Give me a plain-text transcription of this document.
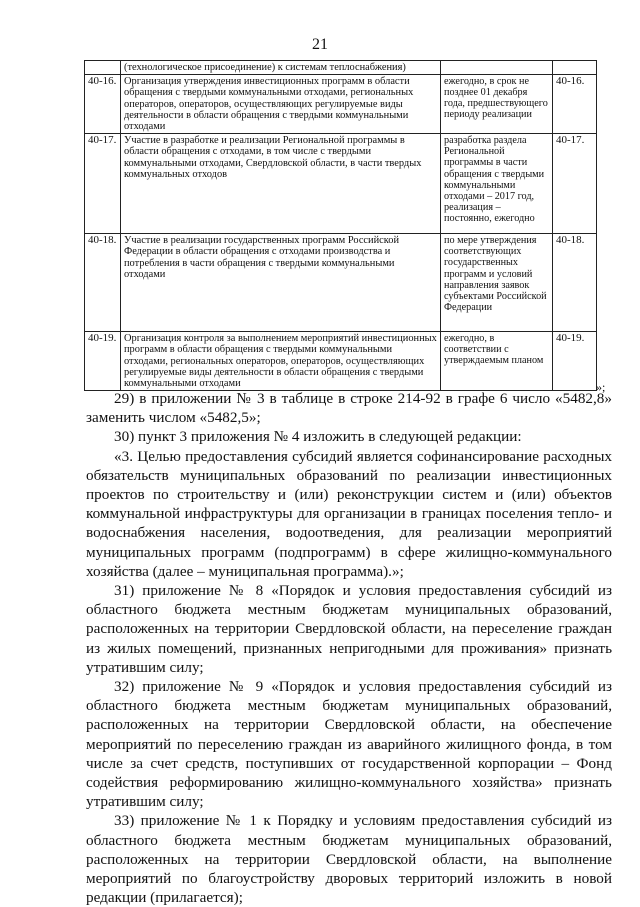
21
	(технологическое присоединение) к системам теплоснабжения)		
40-16.	Организация утверждения инвестиционных программ в области обращения с твердыми коммунальными отходами, региональных операторов, операторов, осуществляющих регулируемые виды деятельности в области обращения с твердыми коммунальными отходами	ежегодно, в срок не позднее 01 декабря года, предшествующего периоду реализации	40-16.
40-17.	Участие в разработке и реализации Региональной программы в области обращения с отходами, в том числе с твердыми коммунальными отходами, Свердловской области, в части твердых коммунальных отходов	разработка раздела Региональной программы в части обращения с твердыми коммунальными отходами – 2017 год, реализация – постоянно, ежегодно	40-17.
40-18.	Участие в реализации государственных программ Российской Федерации в области обращения с отходами производства и потребления в части обращения с твердыми коммунальными отходами	по мере утверждения соответствующих государственных программ и условий направления заявок субъектами Российской Федерации	40-18.
40-19.	Организация контроля за выполнением мероприятий инвестиционных программ в области обращения с твердыми коммунальными отходами, региональных операторов, операторов, осуществляющих регулируемые виды деятельности в области обращения с твердыми коммунальными отходами	ежегодно, в соответствии с утверждаемым планом	40-19.
»;

29) в приложении № 3 в таблице в строке 214-92 в графе 6 число «5482,8» заменить числом «5482,5»;

30) пункт 3 приложения № 4 изложить в следующей редакции:

«3. Целью предоставления субсидий является софинансирование расходных обязательств муниципальных образований по реализации инвестиционных проектов по строительству и (или) реконструкции систем и (или) объектов коммунальной инфраструктуры для организации в границах поселения тепло- и водоснабжения населения, водоотведения, для реализации мероприятий муниципальных программ (подпрограмм) в сфере жилищно-коммунального хозяйства (далее – муниципальная программа).»;

31) приложение № 8 «Порядок и условия предоставления субсидий из областного бюджета местным бюджетам муниципальных образований, расположенных на территории Свердловской области, на переселение граждан из жилых помещений, признанных непригодными для проживания» признать утратившим силу;

32) приложение № 9 «Порядок и условия предоставления субсидий из областного бюджета местным бюджетам муниципальных образований, расположенных на территории Свердловской области, на обеспечение мероприятий по переселению граждан из аварийного жилищного фонда, в том числе за счет средств, поступивших от государственной корпорации – Фонд содействия реформированию жилищно-коммунального хозяйства» признать утратившим силу;

33) приложение № 1 к Порядку и условиям предоставления субсидий из областного бюджета местным бюджетам муниципальных образований, расположенных на территории Свердловской области, на выполнение мероприятий по благоустройству дворовых территорий изложить в новой редакции (прилагается);
